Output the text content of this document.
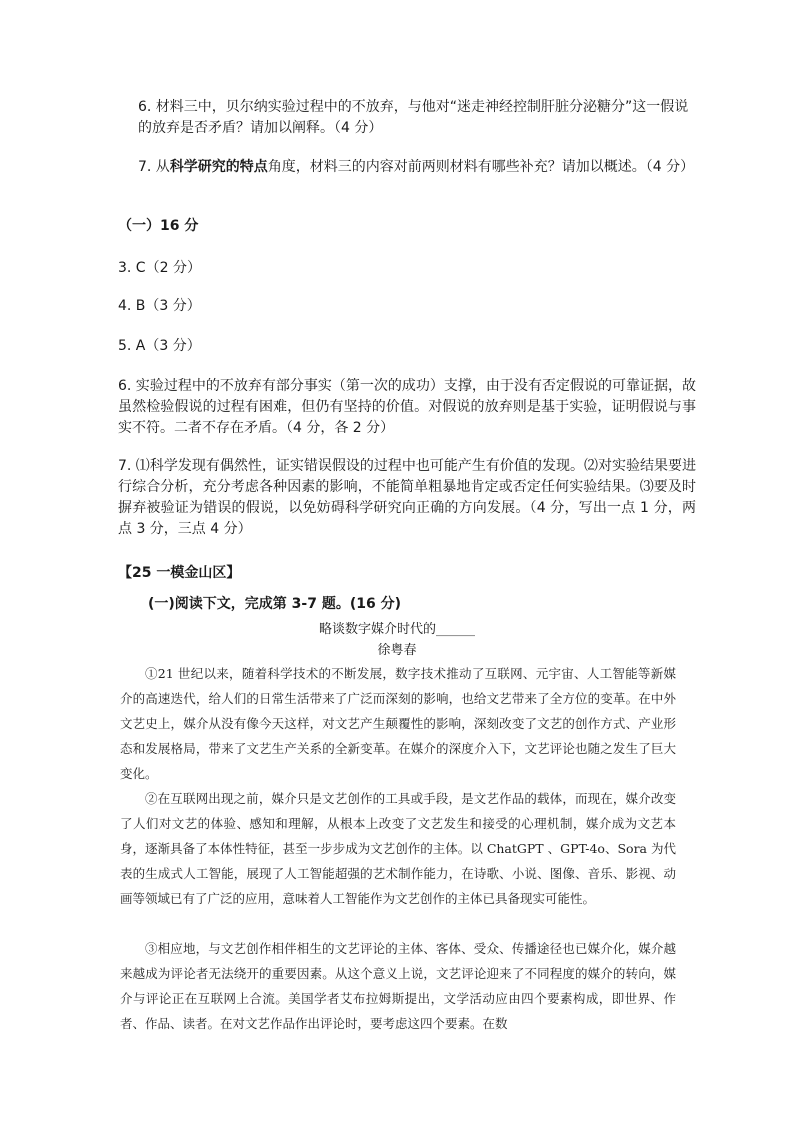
6. 材料三中，贝尔纳实验过程中的不放弃，与他对“迷走神经控制肝脏分泌糖分”这一假说的放弃是否矛盾？请加以阐释。（4 分）
7. 从科学研究的特点角度，材料三的内容对前两则材料有哪些补充？请加以概述。（4 分）
（一）16 分
3. C（2 分）
4. B（3 分）
5. A（3 分）
6. 实验过程中的不放弃有部分事实（第一次的成功）支撑，由于没有否定假说的可靠证据，故虽然检验假说的过程有困难，但仍有坚持的价值。对假说的放弃则是基于实验，证明假说与事实不符。二者不存在矛盾。（4 分，各 2 分）
7. ⑴科学发现有偶然性，证实错误假设的过程中也可能产生有价值的发现。⑵对实验结果要进行综合分析，充分考虑各种因素的影响，不能简单粗暴地肯定或否定任何实验结果。⑶要及时摒弃被验证为错误的假说，以免妨碍科学研究向正确的方向发展。（4 分，写出一点 1 分，两点 3 分，三点 4 分）
【25 一模金山区】
(一)阅读下文，完成第 3-7 题。(16 分)
略谈数字媒介时代的______
徐粤春
①21 世纪以来，随着科学技术的不断发展，数字技术推动了互联网、元宇宙、人工智能等新媒介的高速迭代，给人们的日常生活带来了广泛而深刻的影响，也给文艺带来了全方位的变革。在中外文艺史上，媒介从没有像今天这样，对文艺产生颠覆性的影响，深刻改变了文艺的创作方式、产业形态和发展格局，带来了文艺生产关系的全新变革。在媒介的深度介入下，文艺评论也随之发生了巨大变化。
②在互联网出现之前，媒介只是文艺创作的工具或手段，是文艺作品的载体，而现在，媒介改变了人们对文艺的体验、感知和理解，从根本上改变了文艺发生和接受的心理机制，媒介成为文艺本身，逐渐具备了本体性特征，甚至一步步成为文艺创作的主体。以 ChatGPT 、GPT-4o、Sora 为代表的生成式人工智能，展现了人工智能超强的艺术制作能力，在诗歌、小说、图像、音乐、影视、动画等领域已有了广泛的应用，意味着人工智能作为文艺创作的主体已具备现实可能性。
③相应地，与文艺创作相伴相生的文艺评论的主体、客体、受众、传播途径也已媒介化，媒介越来越成为评论者无法绕开的重要因素。从这个意义上说，文艺评论迎来了不同程度的媒介的转向，媒介与评论正在互联网上合流。美国学者艾布拉姆斯提出，文学活动应由四个要素构成，即世界、作者、作品、读者。在对文艺作品作出评论时，要考虑这四个要素。在数
